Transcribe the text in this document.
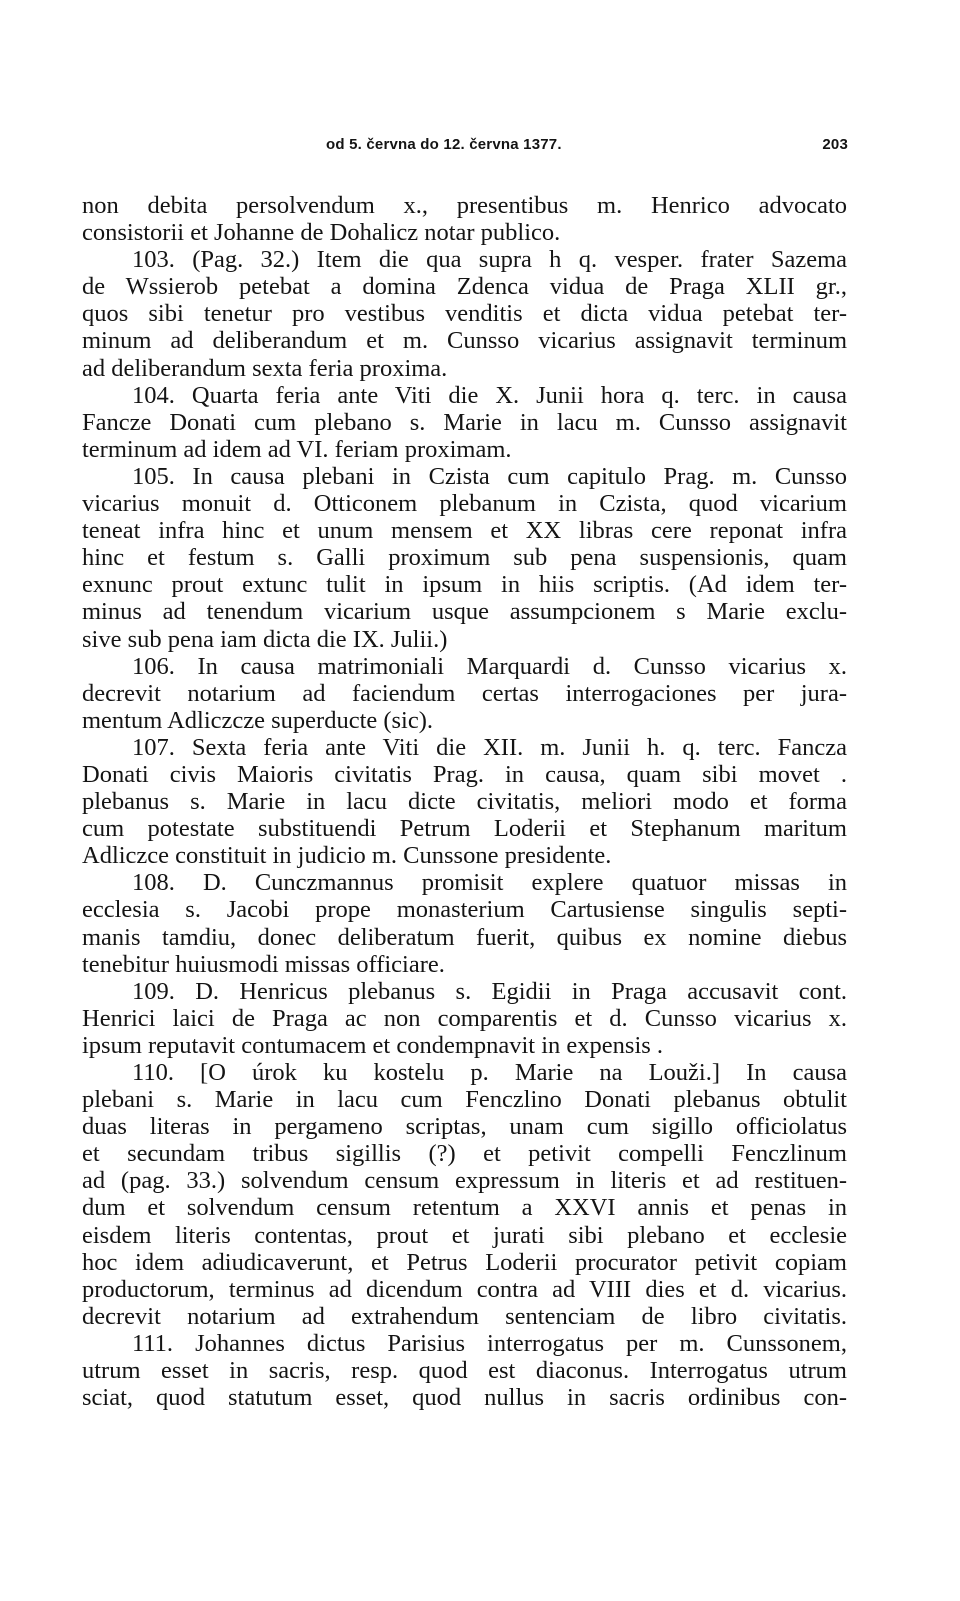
od 5. června do 12. června 1377.	203
non debita persolvendum x., presentibus m. Henrico advocato
consistorii et Johanne de Dohalicz notar publico.
103. (Pag. 32.) Item die qua supra h q. vesper. frater Sazema
de Wssierob petebat a domina Zdenca vidua de Praga XLII gr.,
quos sibi tenetur pro vestibus venditis et dicta vidua petebat ter-
minum ad deliberandum et m. Cunsso vicarius assignavit terminum
ad deliberandum sexta feria proxima.
104. Quarta feria ante Viti die X. Junii hora q. terc. in causa
Fancze Donati cum plebano s. Marie in lacu m. Cunsso assignavit
terminum ad idem ad VI. feriam proximam.
105. In causa plebani in Czista cum capitulo Prag. m. Cunsso
vicarius monuit d. Otticonem plebanum in Czista, quod vicarium
teneat infra hinc et unum mensem et XX libras cere reponat infra
hinc et festum s. Galli proximum sub pena suspensionis, quam
exnunc prout extunc tulit in ipsum in hiis scriptis. (Ad idem ter-
minus ad tenendum vicarium usque assumpcionem s Marie exclu-
sive sub pena iam dicta die IX. Julii.)
106. In causa matrimoniali Marquardi d. Cunsso vicarius x.
decrevit notarium ad faciendum certas interrogaciones per jura-
mentum Adliczcze superducte (sic).
107. Sexta feria ante Viti die XII. m. Junii h. q. terc. Fancza
Donati civis Maioris civitatis Prag. in causa, quam sibi movet .
plebanus s. Marie in lacu dicte civitatis, meliori modo et forma
cum potestate substituendi Petrum Loderii et Stephanum maritum
Adliczce constituit in judicio m. Cunssone presidente.
108. D. Cunczmannus promisit explere quatuor missas in
ecclesia s. Jacobi prope monasterium Cartusiense singulis septi-
manis tamdiu, donec deliberatum fuerit, quibus ex nomine diebus
tenebitur huiusmodi missas officiare.
109. D. Henricus plebanus s. Egidii in Praga accusavit cont.
Henrici laici de Praga ac non comparentis et d. Cunsso vicarius x.
ipsum reputavit contumacem et condempnavit in expensis .
110. [O úrok ku kostelu p. Marie na Louži.] In causa
plebani s. Marie in lacu cum Fenczlino Donati plebanus obtulit
duas literas in pergameno scriptas, unam cum sigillo officiolatus
et secundam tribus sigillis (?) et petivit compelli Fenczlinum
ad (pag. 33.) solvendum censum expressum in literis et ad restituen-
dum et solvendum censum retentum a XXVI annis et penas in
eisdem literis contentas, prout et jurati sibi plebano et ecclesie
hoc idem adiudicaverunt, et Petrus Loderii procurator petivit copiam
productorum, terminus ad dicendum contra ad VIII dies et d. vicarius.
decrevit notarium ad extrahendum sentenciam de libro civitatis.
111. Johannes dictus Parisius interrogatus per m. Cunssonem,
utrum esset in sacris, resp. quod est diaconus. Interrogatus utrum
sciat, quod statutum esset, quod nullus in sacris ordinibus con-
